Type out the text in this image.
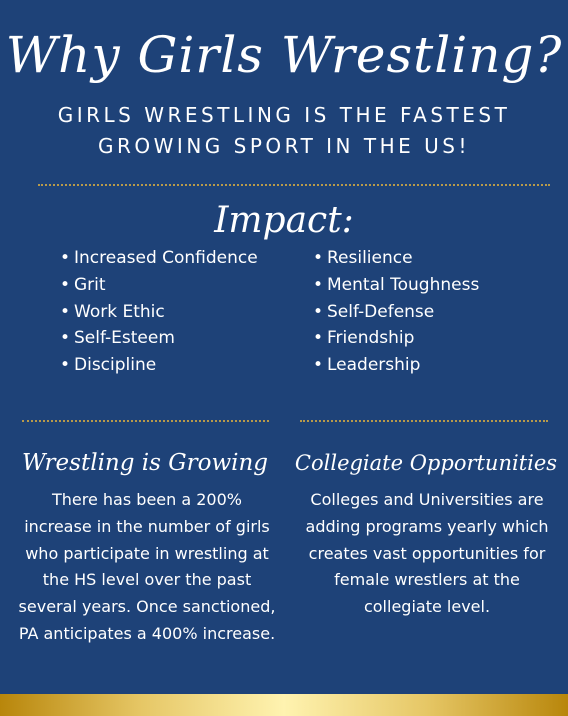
Why Girls Wrestling?
GIRLS WRESTLING IS THE FASTEST GROWING SPORT IN THE US!
Impact:
• Increased Confidence
• Grit
• Work Ethic
• Self-Esteem
• Discipline
• Resilience
• Mental Toughness
• Self-Defense
• Friendship
• Leadership
Wrestling is Growing
There has been a 200% increase in the number of girls who participate in wrestling at the HS level over the past several years. Once sanctioned, PA anticipates a 400% increase.
Collegiate Opportunities
Colleges and Universities are adding programs yearly which creates vast opportunities for female wrestlers at the collegiate level.
